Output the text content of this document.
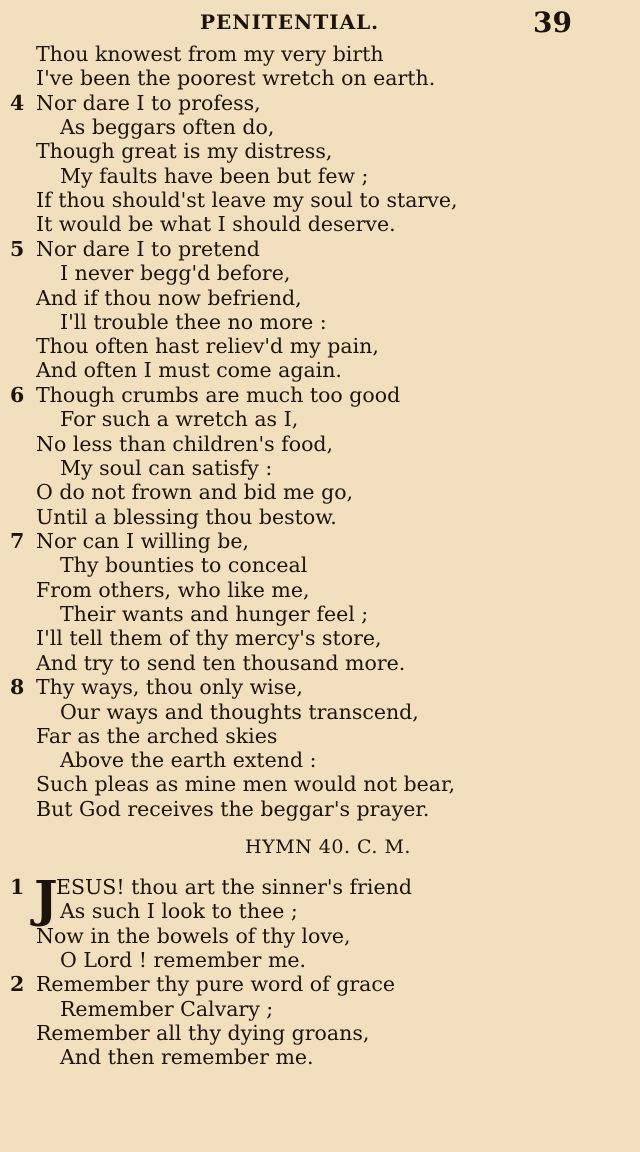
PENITENTIAL.	39
Thou knowest from my very birth
I've been the poorest wretch on earth.
4 Nor dare I to profess,
As beggars often do,
Though great is my distress,
My faults have been but few ;
If thou should'st leave my soul to starve,
It would be what I should deserve.
5 Nor dare I to pretend
I never begg'd before,
And if thou now befriend,
I'll trouble thee no more :
Thou often hast reliev'd my pain,
And often I must come again.
6 Though crumbs are much too good
For such a wretch as I,
No less than children's food,
My soul can satisfy :
O do not frown and bid me go,
Until a blessing thou bestow.
7 Nor can I willing be,
Thy bounties to conceal
From others, who like me,
Their wants and hunger feel ;
I'll tell them of thy mercy's store,
And try to send ten thousand more.
8 Thy ways, thou only wise,
Our ways and thoughts transcend,
Far as the arched skies
Above the earth extend :
Such pleas as mine men would not bear,
But God receives the beggar's prayer.
HYMN 40. C. M.
J
1 ESUS! thou art the sinner's friend
As such I look to thee ;
Now in the bowels of thy love,
O Lord ! remember me.
2 Remember thy pure word of grace
Remember Calvary ;
Remember all thy dying groans,
And then remember me.
